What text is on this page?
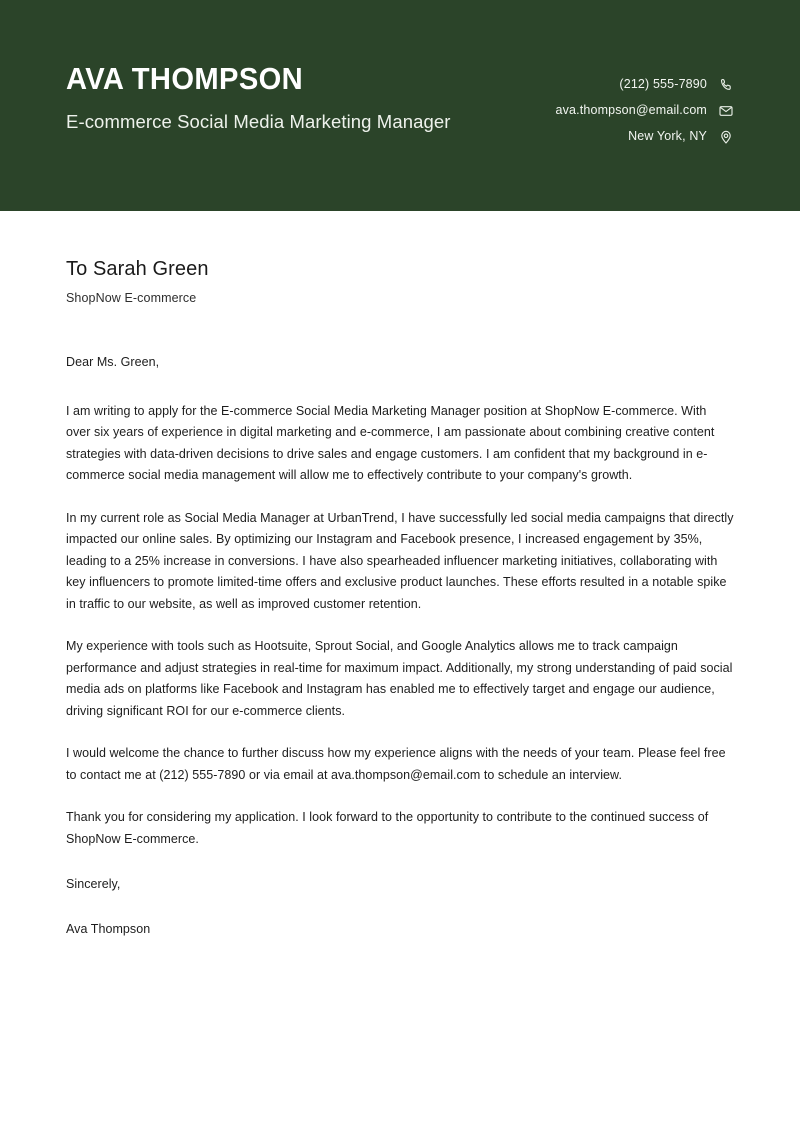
AVA THOMPSON
E-commerce Social Media Marketing Manager
(212) 555-7890
ava.thompson@email.com
New York, NY
To Sarah Green
ShopNow E-commerce

Dear Ms. Green,

I am writing to apply for the E-commerce Social Media Marketing Manager position at ShopNow E-commerce. With over six years of experience in digital marketing and e-commerce, I am passionate about combining creative content strategies with data-driven decisions to drive sales and engage customers. I am confident that my background in e-commerce social media management will allow me to effectively contribute to your company's growth.

In my current role as Social Media Manager at UrbanTrend, I have successfully led social media campaigns that directly impacted our online sales. By optimizing our Instagram and Facebook presence, I increased engagement by 35%, leading to a 25% increase in conversions. I have also spearheaded influencer marketing initiatives, collaborating with key influencers to promote limited-time offers and exclusive product launches. These efforts resulted in a notable spike in traffic to our website, as well as improved customer retention.

My experience with tools such as Hootsuite, Sprout Social, and Google Analytics allows me to track campaign performance and adjust strategies in real-time for maximum impact. Additionally, my strong understanding of paid social media ads on platforms like Facebook and Instagram has enabled me to effectively target and engage our audience, driving significant ROI for our e-commerce clients.

I would welcome the chance to further discuss how my experience aligns with the needs of your team. Please feel free to contact me at (212) 555-7890 or via email at ava.thompson@email.com to schedule an interview.

Thank you for considering my application. I look forward to the opportunity to contribute to the continued success of ShopNow E-commerce.

Sincerely,

Ava Thompson
